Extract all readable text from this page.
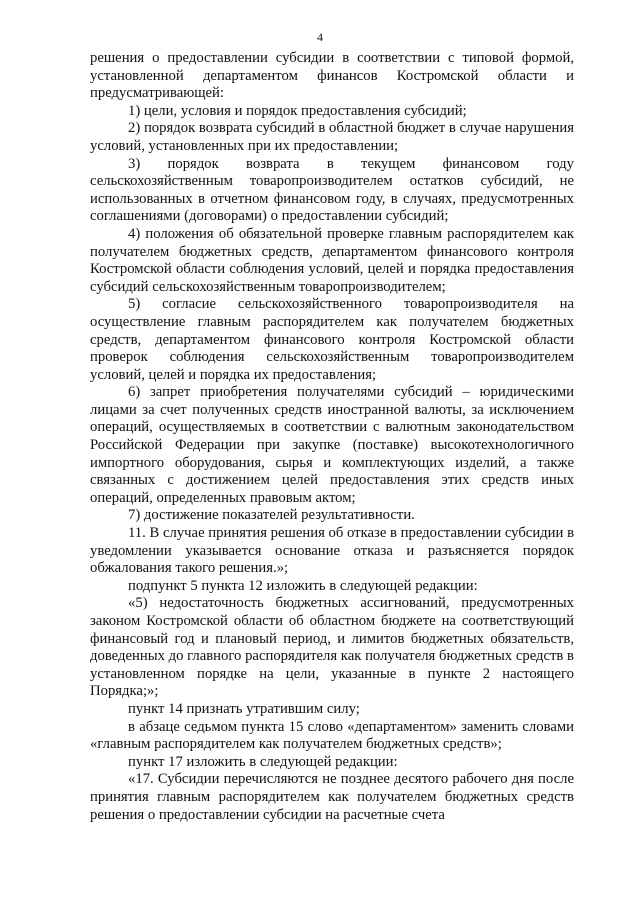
4

решения о предоставлении субсидии в соответствии с типовой формой, установленной департаментом финансов Костромской области и предусматривающей:

1) цели, условия и порядок предоставления субсидий;

2) порядок возврата субсидий в областной бюджет в случае нарушения условий, установленных при их предоставлении;

3) порядок возврата в текущем финансовом году сельскохозяйственным товаропроизводителем остатков субсидий, не использованных в отчетном финансовом году, в случаях, предусмотренных соглашениями (договорами) о предоставлении субсидий;

4) положения об обязательной проверке главным распорядителем как получателем бюджетных средств, департаментом финансового контроля Костромской области соблюдения условий, целей и порядка предоставления субсидий сельскохозяйственным товаропроизводителем;

5) согласие сельскохозяйственного товаропроизводителя на осуществление главным распорядителем как получателем бюджетных средств, департаментом финансового контроля Костромской области проверок соблюдения сельскохозяйственным товаропроизводителем условий, целей и порядка их предоставления;

6) запрет приобретения получателями субсидий – юридическими лицами за счет полученных средств иностранной валюты, за исключением операций, осуществляемых в соответствии с валютным законодательством Российской Федерации при закупке (поставке) высокотехнологичного импортного оборудования, сырья и комплектующих изделий, а также связанных с достижением целей предоставления этих средств иных операций, определенных правовым актом;

7) достижение показателей результативности.

11. В случае принятия решения об отказе в предоставлении субсидии в уведомлении указывается основание отказа и разъясняется порядок обжалования такого решения.»;

подпункт 5 пункта 12 изложить в следующей редакции:

«5) недостаточность бюджетных ассигнований, предусмотренных законом Костромской области об областном бюджете на соответствующий финансовый год и плановый период, и лимитов бюджетных обязательств, доведенных до главного распорядителя как получателя бюджетных средств в установленном порядке на цели, указанные в пункте 2 настоящего Порядка;»;

пункт 14 признать утратившим силу;

в абзаце седьмом пункта 15 слово «департаментом» заменить словами «главным распорядителем как получателем бюджетных средств»;

пункт 17 изложить в следующей редакции:

«17. Субсидии перечисляются не позднее десятого рабочего дня после принятия главным распорядителем как получателем бюджетных средств решения о предоставлении субсидии на расчетные счета
